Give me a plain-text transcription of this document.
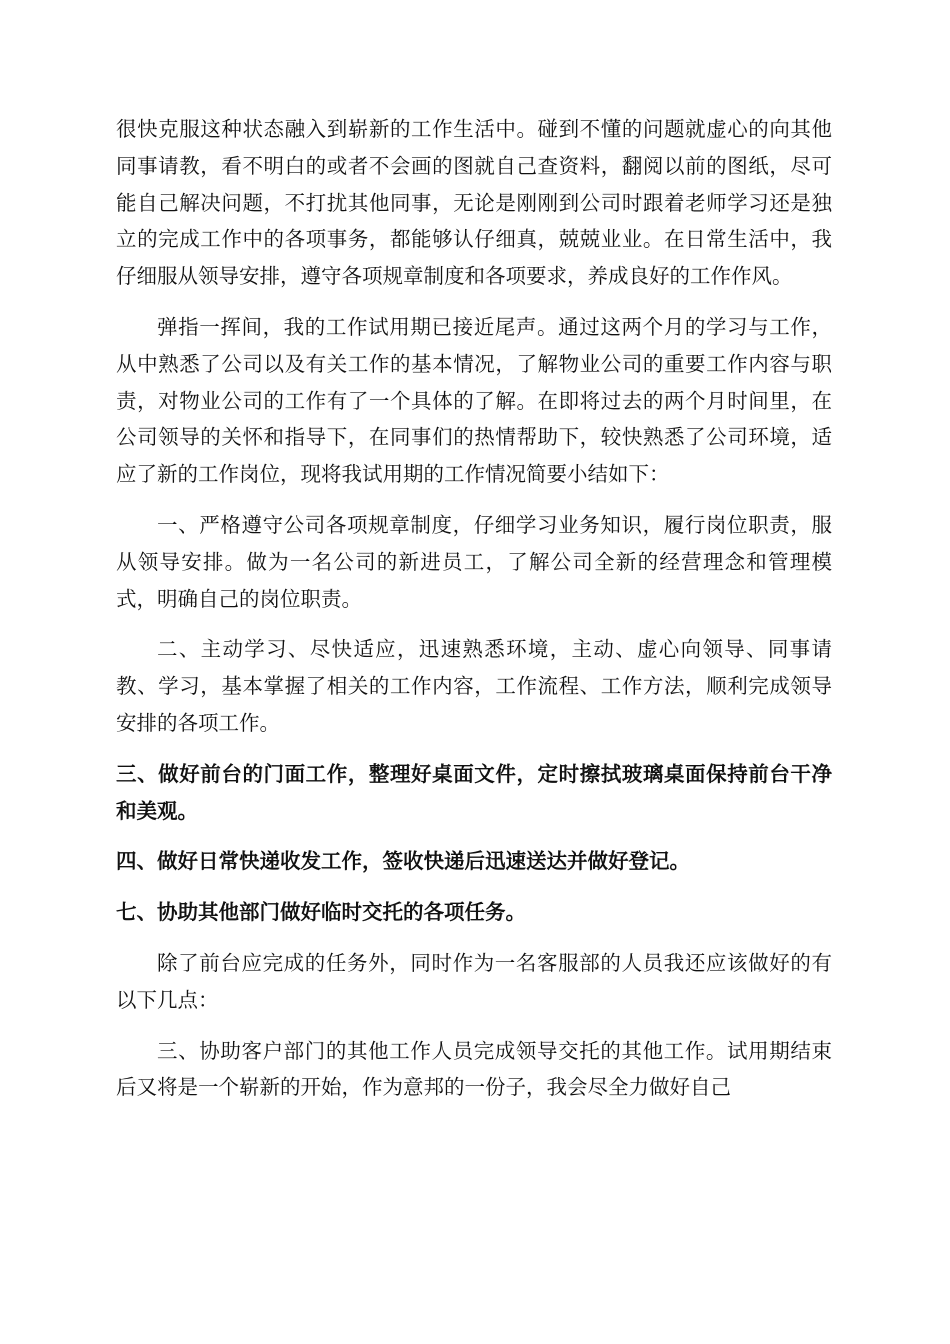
很快克服这种状态融入到崭新的工作生活中。碰到不懂的问题就虚心的向其他同事请教，看不明白的或者不会画的图就自己查资料，翻阅以前的图纸，尽可能自己解决问题，不打扰其他同事，无论是刚刚到公司时跟着老师学习还是独立的完成工作中的各项事务，都能够认仔细真，兢兢业业。在日常生活中，我仔细服从领导安排，遵守各项规章制度和各项要求，养成良好的工作作风。

弹指一挥间，我的工作试用期已接近尾声。通过这两个月的学习与工作，从中熟悉了公司以及有关工作的基本情况，了解物业公司的重要工作内容与职责，对物业公司的工作有了一个具体的了解。在即将过去的两个月时间里，在公司领导的关怀和指导下，在同事们的热情帮助下，较快熟悉了公司环境，适应了新的工作岗位，现将我试用期的工作情况简要小结如下：

一、严格遵守公司各项规章制度，仔细学习业务知识，履行岗位职责，服从领导安排。做为一名公司的新进员工，了解公司全新的经营理念和管理模式，明确自己的岗位职责。

二、主动学习、尽快适应，迅速熟悉环境，主动、虚心向领导、同事请教、学习，基本掌握了相关的工作内容，工作流程、工作方法，顺利完成领导安排的各项工作。

三、做好前台的门面工作，整理好桌面文件，定时擦拭玻璃桌面保持前台干净和美观。

四、做好日常快递收发工作，签收快递后迅速送达并做好登记。

七、协助其他部门做好临时交托的各项任务。

除了前台应完成的任务外，同时作为一名客服部的人员我还应该做好的有以下几点：

三、协助客户部门的其他工作人员完成领导交托的其他工作。试用期结束后又将是一个崭新的开始，作为意邦的一份子，我会尽全力做好自己
